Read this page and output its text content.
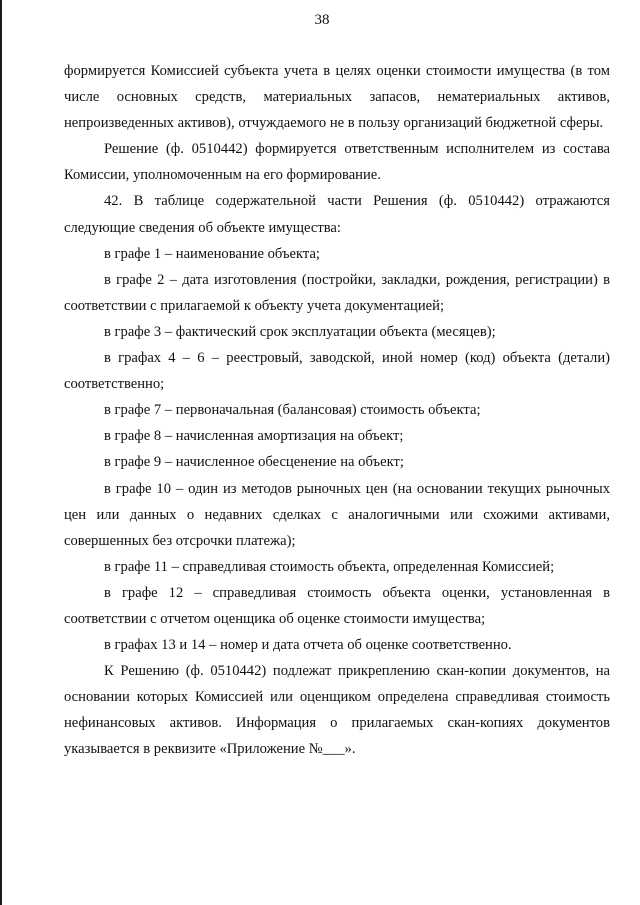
38

формируется Комиссией субъекта учета в целях оценки стоимости имущества (в том числе основных средств, материальных запасов, нематериальных активов, непроизведенных активов), отчуждаемого не в пользу организаций бюджетной сферы.

Решение (ф. 0510442) формируется ответственным исполнителем из состава Комиссии, уполномоченным на его формирование.

42. В таблице содержательной части Решения (ф. 0510442) отражаются следующие сведения об объекте имущества:

в графе 1 – наименование объекта;

в графе 2 – дата изготовления (постройки, закладки, рождения, регистрации) в соответствии с прилагаемой к объекту учета документацией;

в графе 3 – фактический срок эксплуатации объекта (месяцев);

в графах 4 – 6 – реестровый, заводской, иной номер (код) объекта (детали) соответственно;

в графе 7 – первоначальная (балансовая) стоимость объекта;

в графе 8 – начисленная амортизация на объект;

в графе 9 – начисленное обесценение на объект;

в графе 10 – один из методов рыночных цен (на основании текущих рыночных цен или данных о недавних сделках с аналогичными или схожими активами, совершенных без отсрочки платежа);

в графе 11 – справедливая стоимость объекта, определенная Комиссией;

в графе 12 – справедливая стоимость объекта оценки, установленная в соответствии с отчетом оценщика об оценке стоимости имущества;

в графах 13 и 14 – номер и дата отчета об оценке соответственно.

К Решению (ф. 0510442) подлежат прикреплению скан-копии документов, на основании которых Комиссией или оценщиком определена справедливая стоимость нефинансовых активов. Информация о прилагаемых скан-копиях документов указывается в реквизите «Приложение №___».
